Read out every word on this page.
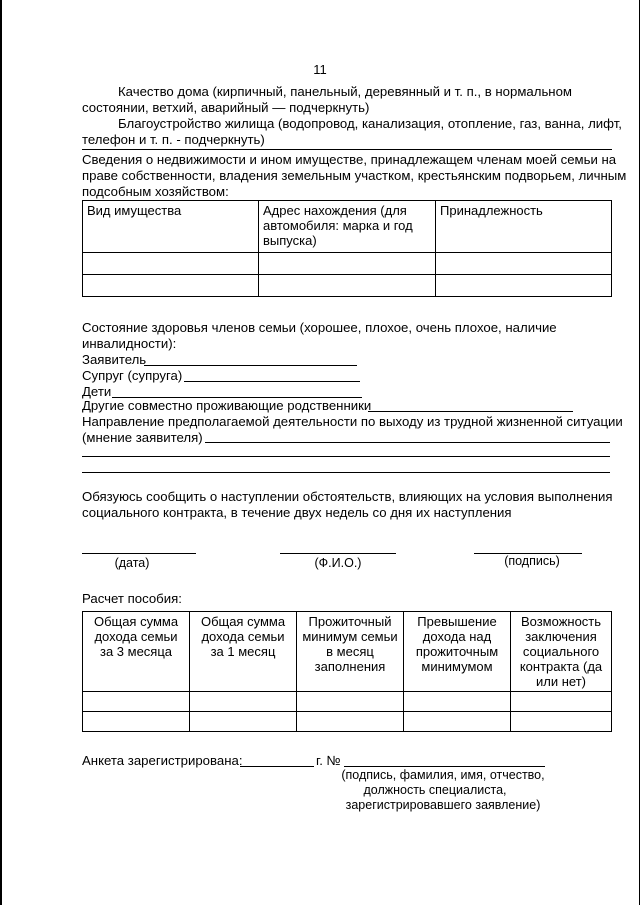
11
Качество дома (кирпичный, панельный, деревянный и т. п., в нормальном
состоянии, ветхий, аварийный — подчеркнуть)
Благоустройство жилища (водопровод, канализация, отопление, газ, ванна, лифт,
телефон и т. п. - подчеркнуть)
Сведения о недвижимости и ином имуществе, принадлежащем членам моей семьи на
праве собственности, владения земельным участком, крестьянским подворьем, личным
подсобным хозяйством:
Вид имущества	Адрес нахождения (для автомобиля: марка и год выпуска)	Принадлежность

Состояние здоровья членов семьи (хорошее, плохое, очень плохое, наличие
инвалидности):
Заявитель
Супруг (супруга)
Дети
Другие совместно проживающие родственники
Направление предполагаемой деятельности по выходу из трудной жизненной ситуации
(мнение заявителя)
Обязуюсь сообщить о наступлении обстоятельств, влияющих на условия выполнения
социального контракта, в течение двух недель со дня их наступления
(дата)	(Ф.И.О.)	(подпись)
Расчет пособия:
Общая сумма дохода семьи за 3 месяца	Общая сумма дохода семьи за 1 месяц	Прожиточный минимум семьи в месяц заполнения	Превышение дохода над прожиточным минимумом	Возможность заключения социального контракта (да или нет)

Анкета зарегистрирована:	г. №
(подпись, фамилия, имя, отчество,
должность специалиста,
зарегистрировавшего заявление)
